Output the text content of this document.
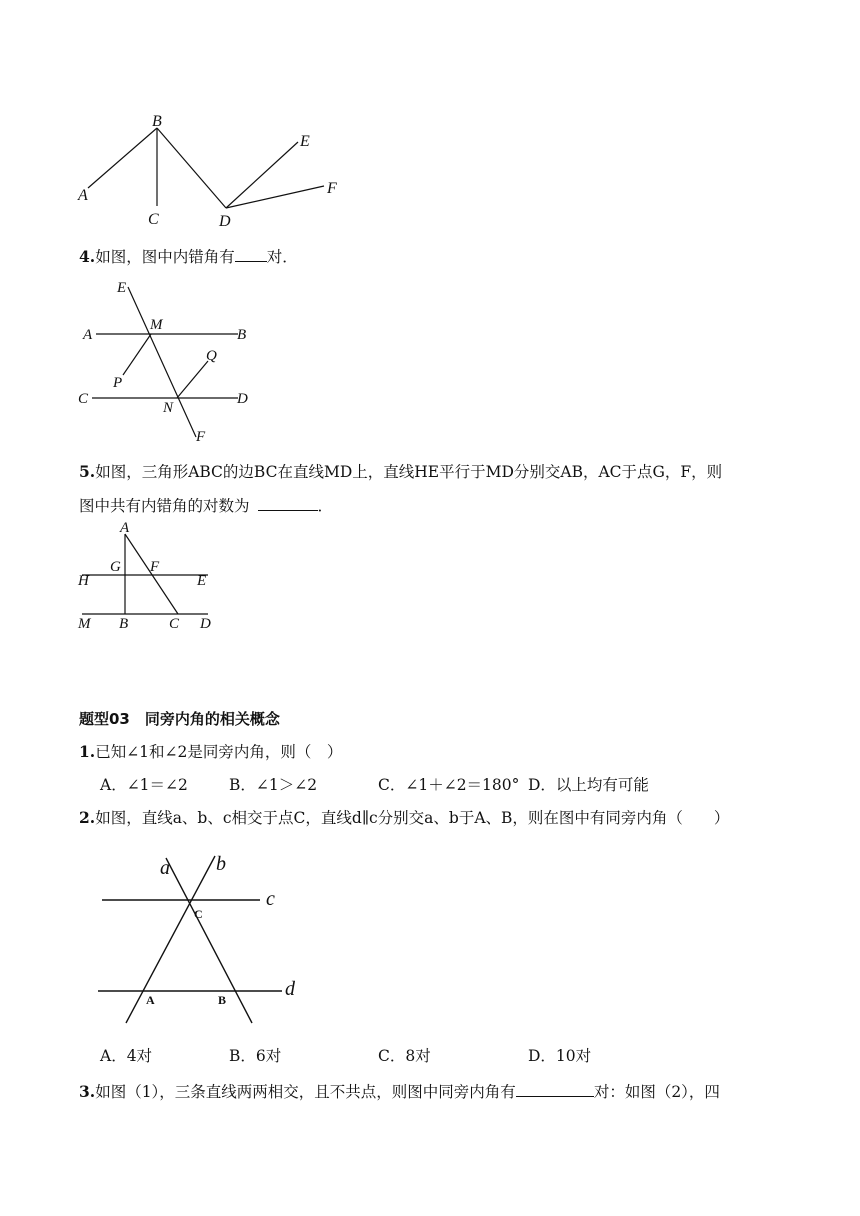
B
A
C	D
E
F
4.如图，图中内错角有 对．
E
M
A	B
Q
P
C
N
D
F
5.如图，三角形ABC的边BC在直线MD上，直线HE平行于MD分别交AB，AC于点G，F，则
图中共有内错角的对数为	．
A
G F
H	E
M B	C D
题型03　同旁内角的相关概念
1.已知∠1和∠2是同旁内角，则（　）
A．∠1＝∠2	B．∠1＞∠2	C．∠1＋∠2＝180° D．以上均有可能
2.如图，直线a、b、c相交于点C，直线d∥c分别交a、b于A、B，则在图中有同旁内角（　　）
a b
c
C
d
A	B
A．4对	B．6对	C．8对	D．10对
3.如图（1），三条直线两两相交，且不共点，则图中同旁内角有	对：如图（2），四
